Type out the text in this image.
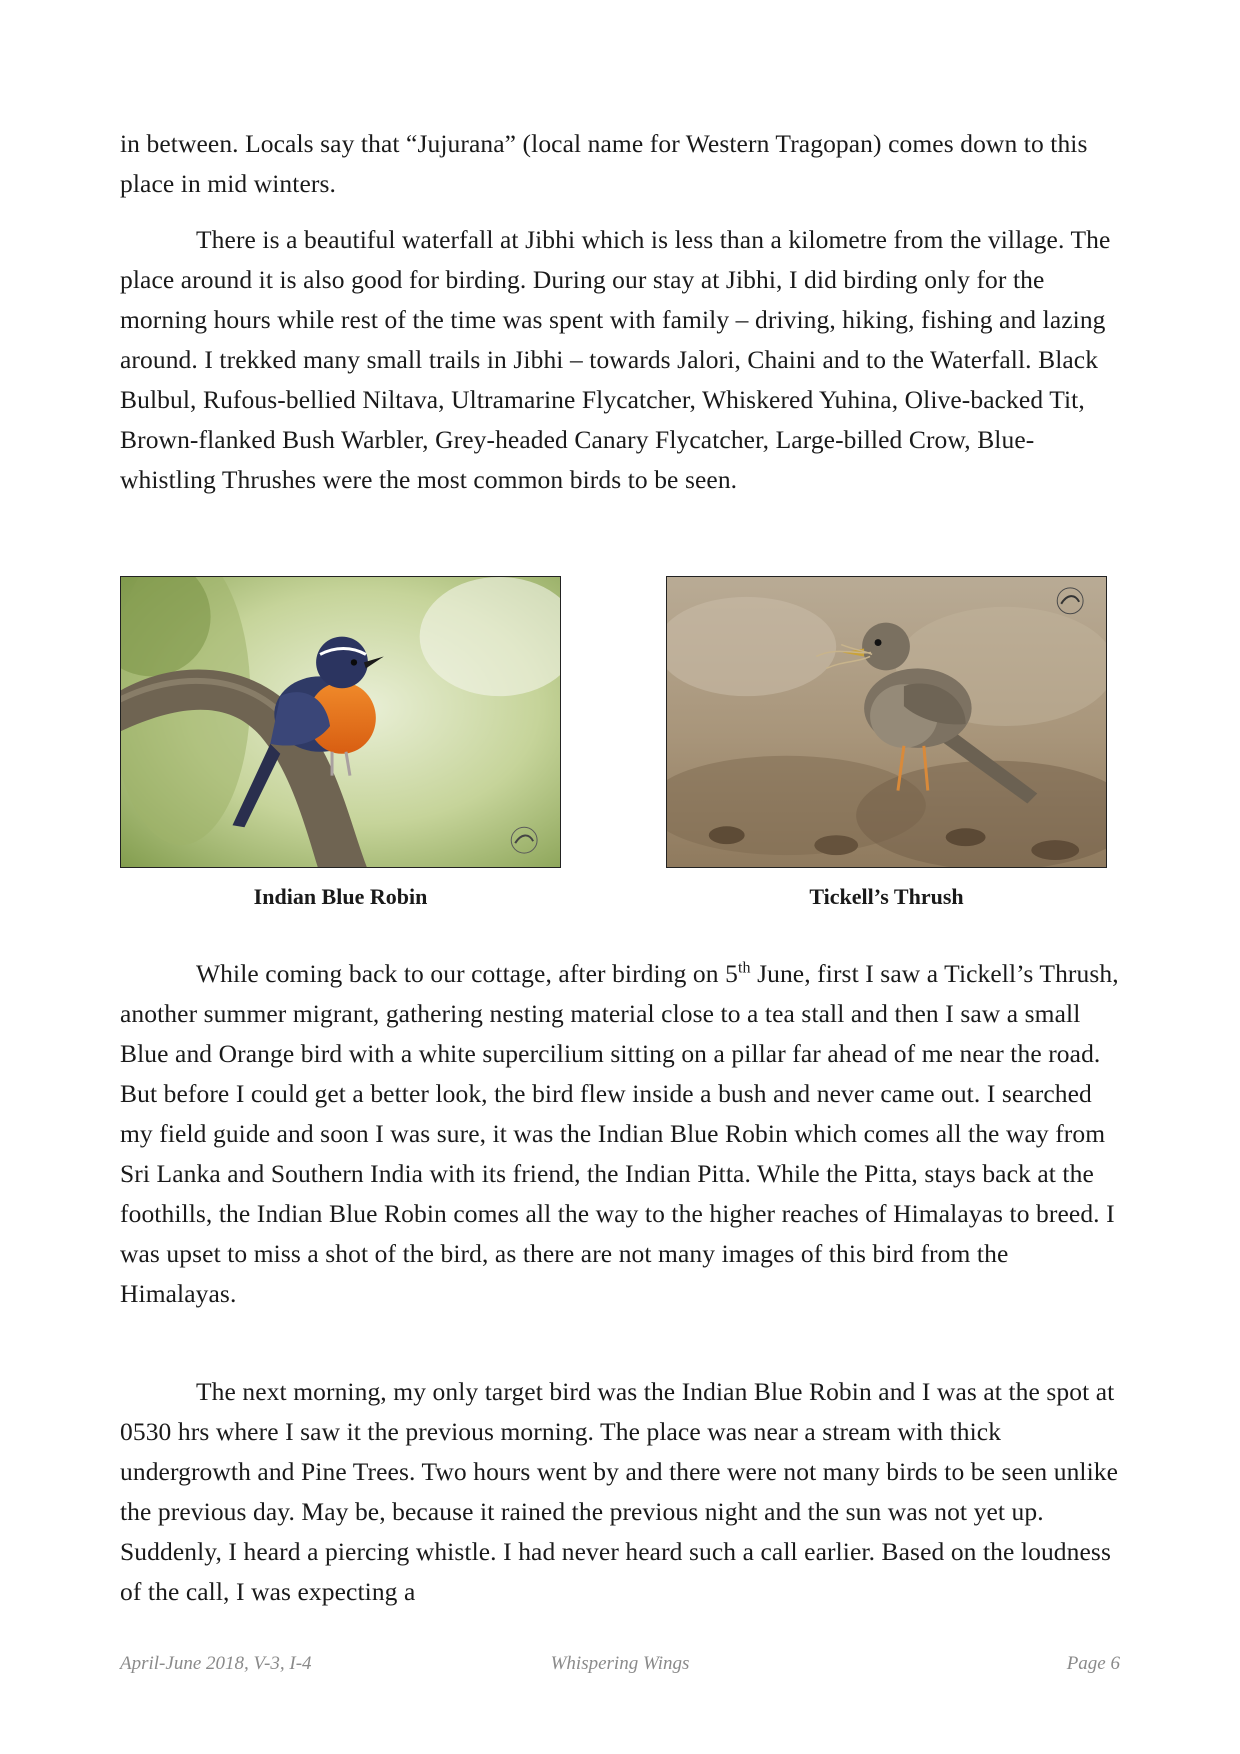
in between. Locals say that “Jujurana” (local name for Western Tragopan) comes down to this place in mid winters.

There is a beautiful waterfall at Jibhi which is less than a kilometre from the village. The place around it is also good for birding. During our stay at Jibhi, I did birding only for the morning hours while rest of the time was spent with family – driving, hiking, fishing and lazing around. I trekked many small trails in Jibhi – towards Jalori, Chaini and to the Waterfall. Black Bulbul, Rufous-bellied Niltava, Ultramarine Flycatcher, Whiskered Yuhina, Olive-backed Tit, Brown-flanked Bush Warbler, Grey-headed Canary Flycatcher, Large-billed Crow, Blue-whistling Thrushes were the most common birds to be seen.

Indian Blue Robin	Tickell’s Thrush

While coming back to our cottage, after birding on 5th June, first I saw a Tickell’s Thrush, another summer migrant, gathering nesting material close to a tea stall and then I saw a small Blue and Orange bird with a white supercilium sitting on a pillar far ahead of me near the road. But before I could get a better look, the bird flew inside a bush and never came out. I searched my field guide and soon I was sure, it was the Indian Blue Robin which comes all the way from Sri Lanka and Southern India with its friend, the Indian Pitta. While the Pitta, stays back at the foothills, the Indian Blue Robin comes all the way to the higher reaches of Himalayas to breed. I was upset to miss a shot of the bird, as there are not many images of this bird from the Himalayas.

The next morning, my only target bird was the Indian Blue Robin and I was at the spot at 0530 hrs where I saw it the previous morning. The place was near a stream with thick undergrowth and Pine Trees. Two hours went by and there were not many birds to be seen unlike the previous day. May be, because it rained the previous night and the sun was not yet up. Suddenly, I heard a piercing whistle. I had never heard such a call earlier. Based on the loudness of the call, I was expecting a

April-June 2018, V-3, I-4	Whispering Wings	Page 6
